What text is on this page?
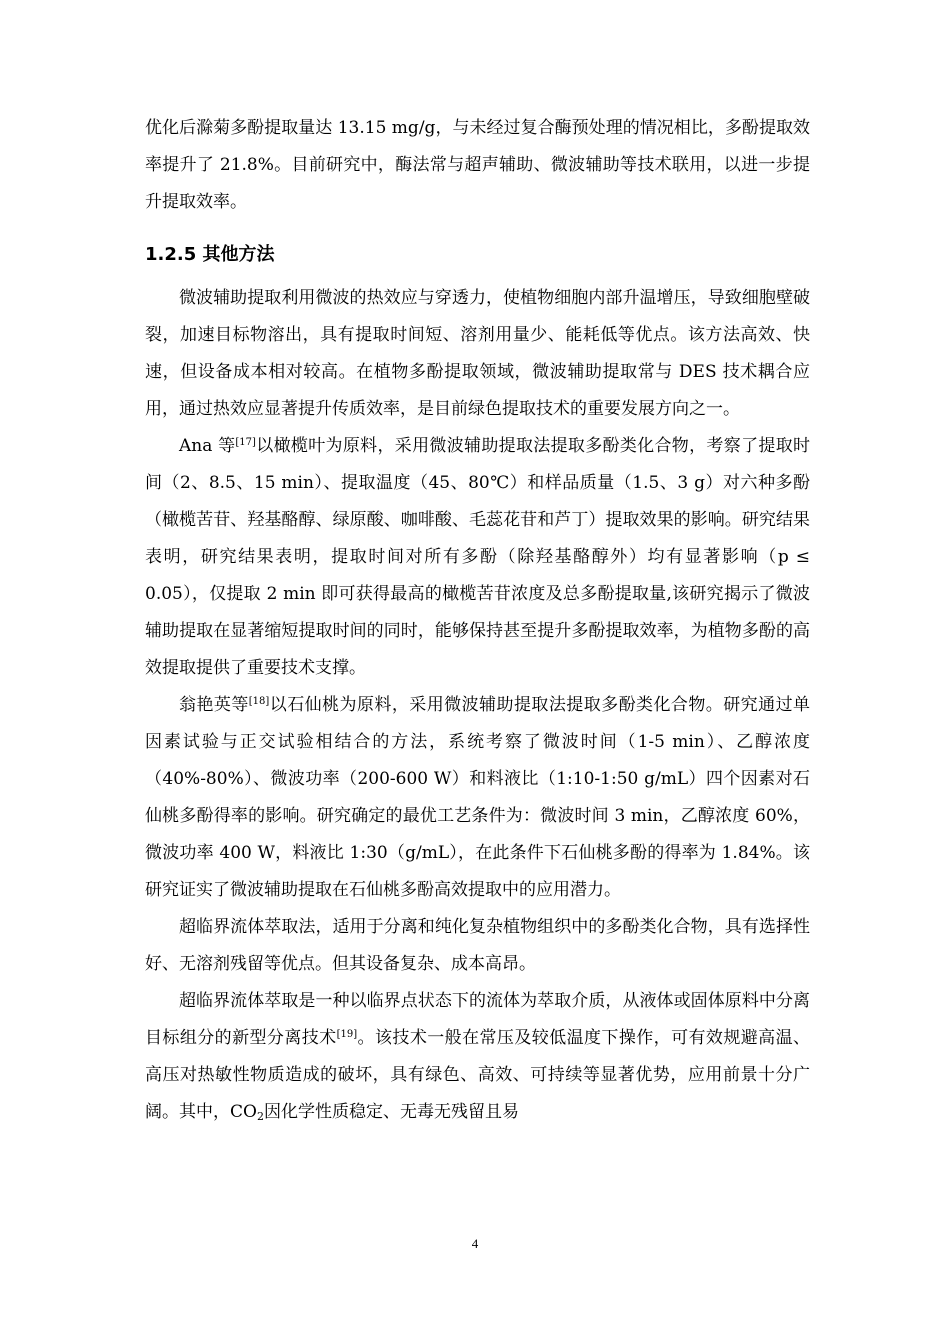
优化后滁菊多酚提取量达 13.15 mg/g，与未经过复合酶预处理的情况相比，多酚提取效率提升了 21.8%。目前研究中，酶法常与超声辅助、微波辅助等技术联用，以进一步提升提取效率。

1.2.5 其他方法

微波辅助提取利用微波的热效应与穿透力，使植物细胞内部升温增压，导致细胞壁破裂，加速目标物溶出，具有提取时间短、溶剂用量少、能耗低等优点。该方法高效、快速，但设备成本相对较高。在植物多酚提取领域，微波辅助提取常与 DES 技术耦合应用，通过热效应显著提升传质效率，是目前绿色提取技术的重要发展方向之一。

Ana 等[17]以橄榄叶为原料，采用微波辅助提取法提取多酚类化合物，考察了提取时间（2、8.5、15 min）、提取温度（45、80℃）和样品质量（1.5、3 g）对六种多酚（橄榄苦苷、羟基酪醇、绿原酸、咖啡酸、毛蕊花苷和芦丁）提取效果的影响。研究结果表明，研究结果表明，提取时间对所有多酚（除羟基酪醇外）均有显著影响（p ≤ 0.05），仅提取 2 min 即可获得最高的橄榄苦苷浓度及总多酚提取量,该研究揭示了微波辅助提取在显著缩短提取时间的同时，能够保持甚至提升多酚提取效率，为植物多酚的高效提取提供了重要技术支撑。

翁艳英等[18]以石仙桃为原料，采用微波辅助提取法提取多酚类化合物。研究通过单因素试验与正交试验相结合的方法，系统考察了微波时间（1-5 min）、乙醇浓度（40%-80%）、微波功率（200-600 W）和料液比（1:10-1:50 g/mL）四个因素对石仙桃多酚得率的影响。研究确定的最优工艺条件为：微波时间 3 min，乙醇浓度 60%，微波功率 400 W，料液比 1:30（g/mL），在此条件下石仙桃多酚的得率为 1.84%。该研究证实了微波辅助提取在石仙桃多酚高效提取中的应用潜力。

超临界流体萃取法，适用于分离和纯化复杂植物组织中的多酚类化合物，具有选择性好、无溶剂残留等优点。但其设备复杂、成本高昂。

超临界流体萃取是一种以临界点状态下的流体为萃取介质，从液体或固体原料中分离目标组分的新型分离技术[19]。该技术一般在常压及较低温度下操作，可有效规避高温、高压对热敏性物质造成的破坏，具有绿色、高效、可持续等显著优势，应用前景十分广阔。其中，$CO_2$因化学性质稳定、无毒无残留且易

4
